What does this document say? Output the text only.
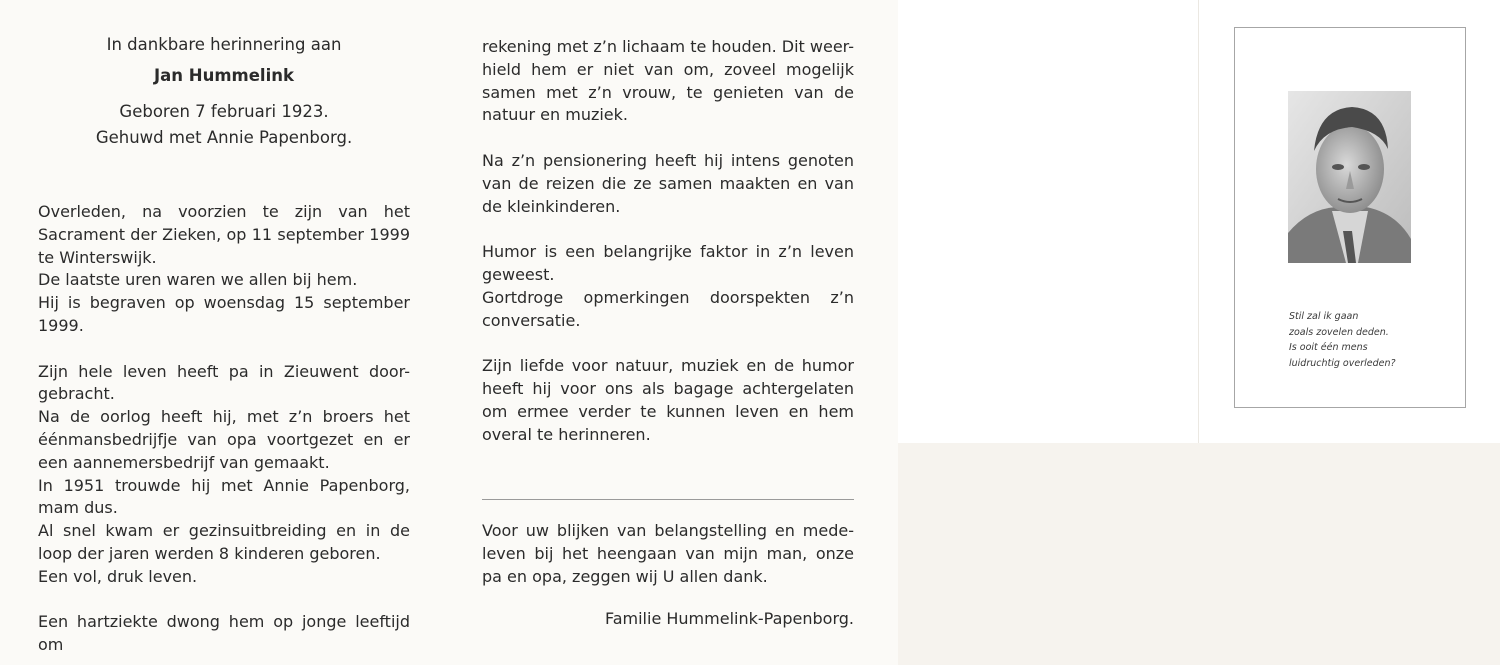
In dankbare herinnering aan
Jan Hummelink
Geboren 7 februari 1923.
Gehuwd met Annie Papenborg.
Overleden, na voorzien te zijn van het Sacrament der Zieken, op 11 september 1999 te Winterswijk.
De laatste uren waren we allen bij hem.
Hij is begraven op woensdag 15 september 1999.
Zijn hele leven heeft pa in Zieuwent door-gebracht.
Na de oorlog heeft hij, met z’n broers het éénmansbedrijfje van opa voortgezet en er een aannemersbedrijf van gemaakt.
In 1951 trouwde hij met Annie Papenborg, mam dus.
Al snel kwam er gezinsuitbreiding en in de loop der jaren werden 8 kinderen geboren.
Een vol, druk leven.
Een hartziekte dwong hem op jonge leeftijd om
rekening met z’n lichaam te houden. Dit weer-hield hem er niet van om, zoveel mogelijk samen met z’n vrouw, te genieten van de natuur en muziek.
Na z’n pensionering heeft hij intens genoten van de reizen die ze samen maakten en van de kleinkinderen.
Humor is een belangrijke faktor in z’n leven geweest.
Gortdroge opmerkingen doorspekten z’n conversatie.
Zijn liefde voor natuur, muziek en de humor heeft hij voor ons als bagage achtergelaten om ermee verder te kunnen leven en hem overal te herinneren.
Voor uw blijken van belangstelling en mede-leven bij het heengaan van mijn man, onze pa en opa, zeggen wij U allen dank.
Familie Hummelink-Papenborg.
Stil zal ik gaan
zoals zovelen deden.
Is ooit één mens
luidruchtig overleden?
